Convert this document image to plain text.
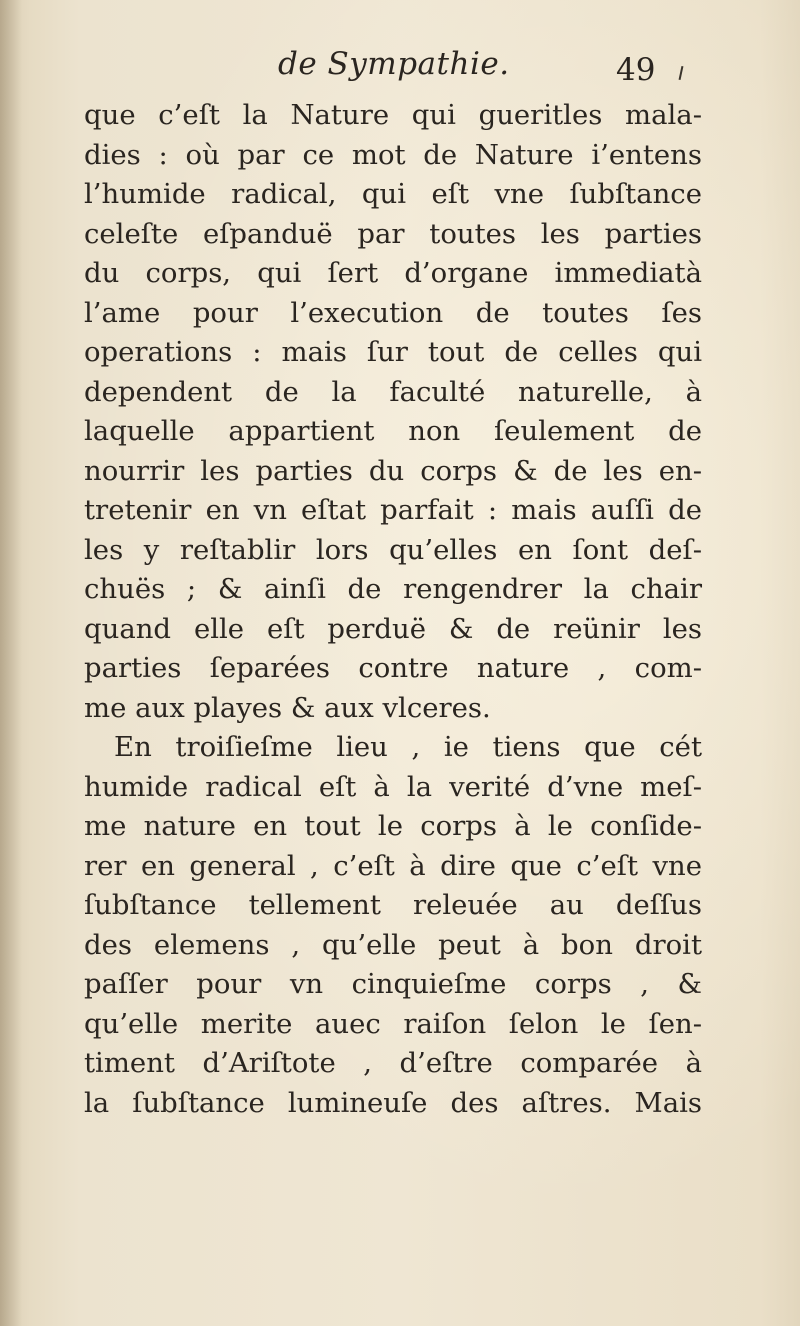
de Sympathie.	49
que c’eſt la Nature qui gueritles mala-
dies : où par ce mot de Nature i’entens
l’humide radical, qui eſt vne ſubſtance
celeſte eſpanduë par toutes les parties
du corps, qui ſert d’organe immediatà
l’ame pour l’execution de toutes ſes
operations : mais ſur tout de celles qui
dependent de la faculté naturelle, à
laquelle appartient non ſeulement de
nourrir les parties du corps & de les en-
tretenir en vn eſtat parfait : mais auſſi de
les y reſtablir lors qu’elles en ſont deſ-
chuës ; & ainſi de rengendrer la chair
quand elle eſt perduë & de reünir les
parties ſeparées contre nature , com-
me aux playes & aux vlceres.
En troiſieſme lieu , ie tiens que cét
humide radical eſt à la verité d’vne meſ-
me nature en tout le corps à le conſide-
rer en general , c’eſt à dire que c’eſt vne
ſubſtance tellement releuée au deſſus
des elemens , qu’elle peut à bon droit
paſſer pour vn cinquieſme corps , &
qu’elle merite auec raiſon ſelon le ſen-
timent d’Ariſtote , d’eſtre comparée à
la ſubſtance lumineuſe des aſtres. Mais
